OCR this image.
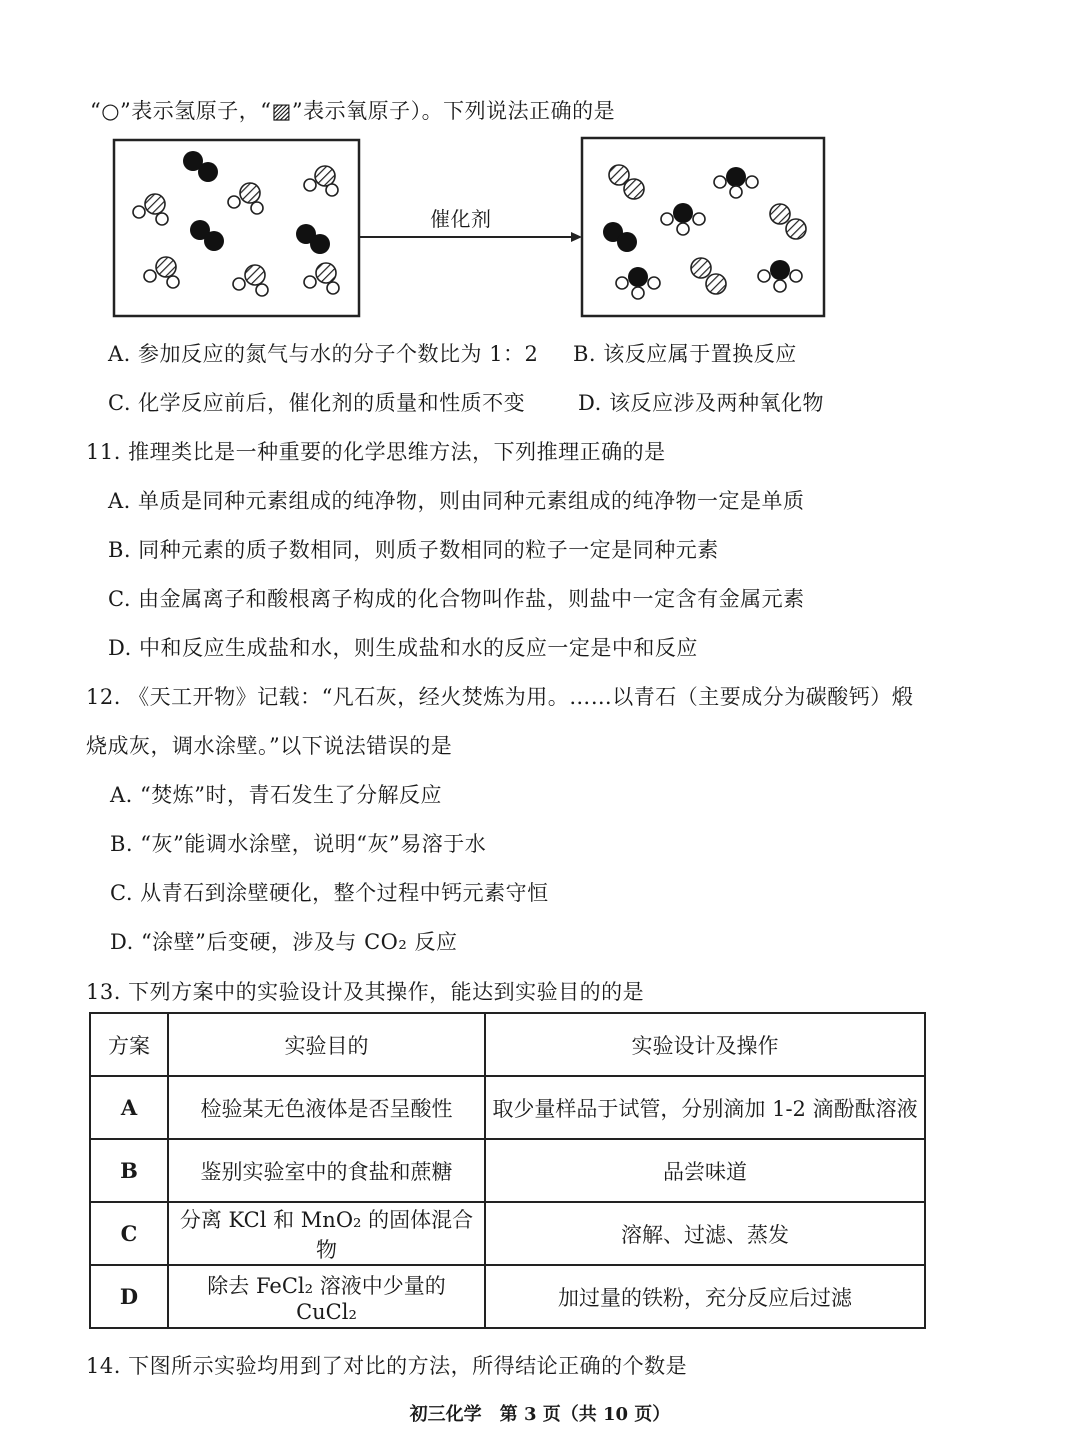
“○”表示氢原子，“▨”表示氧原子）。下列说法正确的是
催化剂
A. 参加反应的氮气与水的分子个数比为 1：2 B. 该反应属于置换反应
C. 化学反应前后，催化剂的质量和性质不变	D. 该反应涉及两种氧化物
11. 推理类比是一种重要的化学思维方法，下列推理正确的是
A. 单质是同种元素组成的纯净物，则由同种元素组成的纯净物一定是单质
B. 同种元素的质子数相同，则质子数相同的粒子一定是同种元素
C. 由金属离子和酸根离子构成的化合物叫作盐，则盐中一定含有金属元素
D. 中和反应生成盐和水，则生成盐和水的反应一定是中和反应
12. 《天工开物》记载：“凡石灰，经火焚炼为用。……以青石（主要成分为碳酸钙）煅
烧成灰，调水涂壁。”以下说法错误的是
A. “焚炼”时，青石发生了分解反应
B. “灰”能调水涂壁，说明“灰”易溶于水
C. 从青石到涂壁硬化，整个过程中钙元素守恒
D. “涂壁”后变硬，涉及与 CO₂ 反应
13. 下列方案中的实验设计及其操作，能达到实验目的的是
方案	实验目的	实验设计及操作
A	检验某无色液体是否呈酸性	取少量样品于试管，分别滴加 1-2 滴酚酞溶液
B	鉴别实验室中的食盐和蔗糖	品尝味道
C	分离 KCl 和 MnO₂ 的固体混合物	溶解、过滤、蒸发
D	除去 FeCl₂ 溶液中少量的 CuCl₂	加过量的铁粉，充分反应后过滤
14. 下图所示实验均用到了对比的方法，所得结论正确的个数是
初三化学　第 3 页（共 10 页）
